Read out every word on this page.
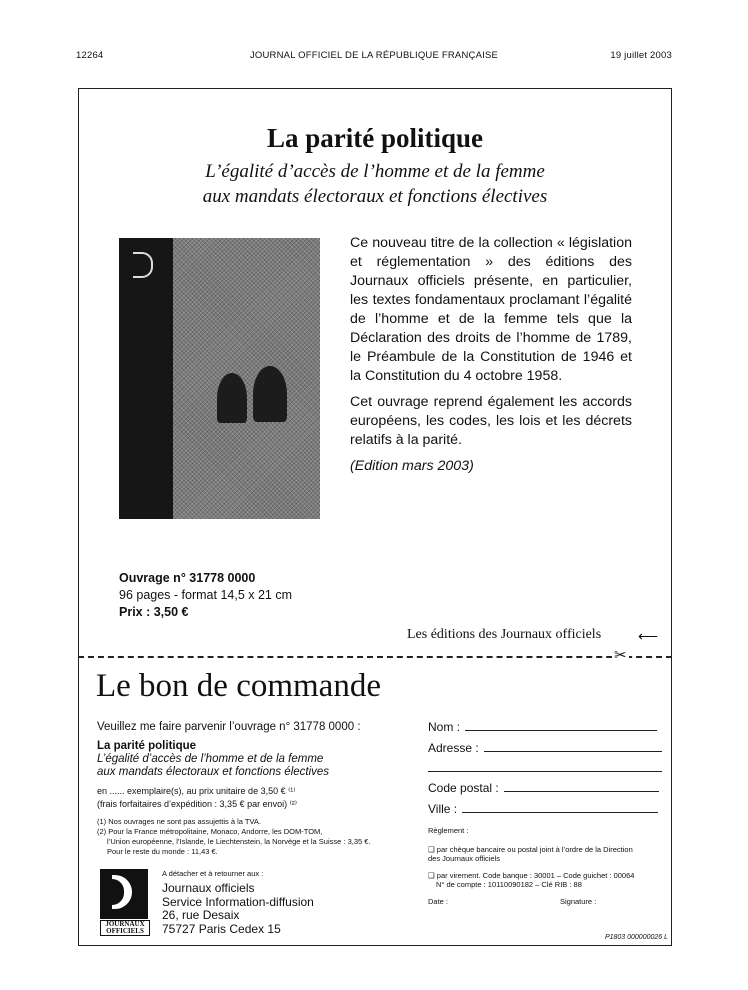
12264	JOURNAL OFFICIEL DE LA RÉPUBLIQUE FRANÇAISE	19 juillet 2003
La parité politique
L’égalité d’accès de l’homme et de la femme
aux mandats électoraux et fonctions électives

Ce nouveau titre de la collection « législation et réglementation » des éditions des Journaux officiels présente, en particulier, les textes fondamentaux proclamant l’égalité de l’homme et de la femme tels que la Déclaration des droits de l’homme de 1789, le Préambule de la Constitution de 1946 et la Constitution du 4 octobre 1958.

Cet ouvrage reprend également les accords européens, les codes, les lois et les décrets relatifs à la parité.

(Edition mars 2003)

Ouvrage n° 31778 0000
96 pages - format 14,5 x 21 cm
Prix : 3,50 €
Les éditions des Journaux officiels	⟵
✂
Le bon de commande
Veuillez me faire parvenir l’ouvrage n° 31778 0000 :
La parité politique
L’égalité d’accès de l’homme et de la femme
aux mandats électoraux et fonctions électives
en ...... exemplaire(s), au prix unitaire de 3,50 € ⁽¹⁾
(frais forfaitaires d’expédition : 3,35 € par envoi) ⁽²⁾
(1) Nos ouvrages ne sont pas assujettis à la TVA.
(2) Pour la France métropolitaine, Monaco, Andorre, les DOM-TOM,
l’Union européenne, l’Islande, le Liechtenstein, la Norvège et la Suisse : 3,35 €.
Pour le reste du monde : 11,43 €.
JOURNAUX
OFFICIELS
A détacher et à retourner aux :
Journaux officiels
Service Information-diffusion
26, rue Desaix
75727 Paris Cedex 15
Nom :
Adresse :
Code postal :
Ville :
Règlement :
❑ par chèque bancaire ou postal joint à l’ordre de la Direction des Journaux officiels
❑ par virement. Code banque : 30001 – Code guichet : 00064
N° de compte : 10110090182 – Clé RIB : 88
Date :	Signature :
P1803 000000026 L
